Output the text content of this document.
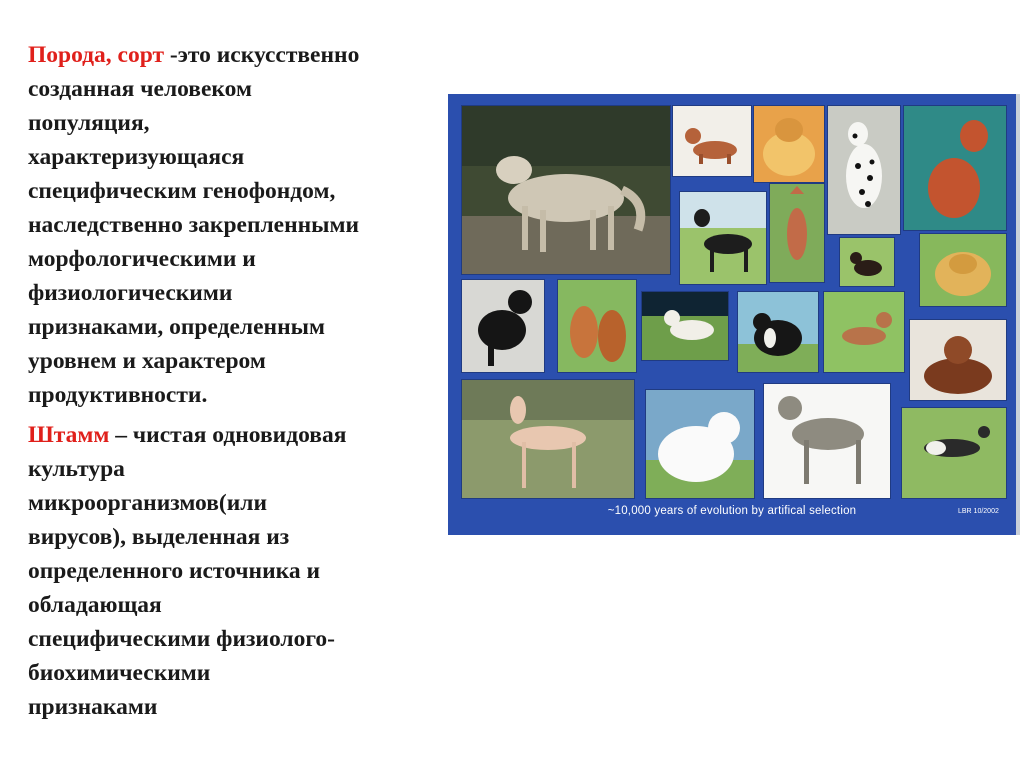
Порода, сорт -это искусственно
созданная человеком
популяция,
характеризующаяся
специфическим генофондом,
наследственно закрепленными
морфологическими и
физиологическими
признаками, определенным
уровнем и характером
продуктивности.

Штамм – чистая одновидовая
культура
микроорганизмов(или
вирусов), выделенная из
определенного источника и
обладающая
специфическими физиолого-
биохимическими
признаками

~10,000 years of evolution by artifical selection	LBR 10/2002
